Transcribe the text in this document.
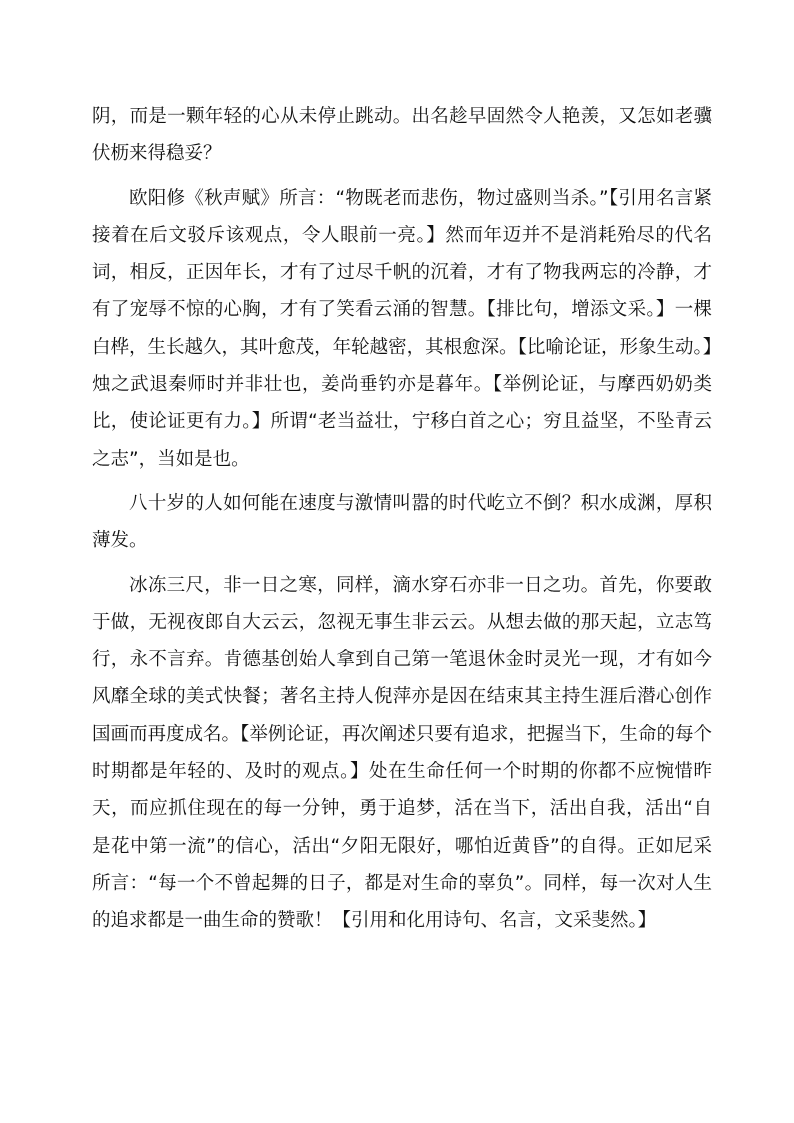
阴，而是一颗年轻的心从未停止跳动。出名趁早固然令人艳羡，又怎如老骥伏枥来得稳妥？

欧阳修《秋声赋》所言：“物既老而悲伤，物过盛则当杀。”【引用名言紧接着在后文驳斥该观点，令人眼前一亮。】然而年迈并不是消耗殆尽的代名词，相反，正因年长，才有了过尽千帆的沉着，才有了物我两忘的冷静，才有了宠辱不惊的心胸，才有了笑看云涌的智慧。【排比句，增添文采。】一棵白桦，生长越久，其叶愈茂，年轮越密，其根愈深。【比喻论证，形象生动。】烛之武退秦师时并非壮也，姜尚垂钓亦是暮年。【举例论证，与摩西奶奶类比，使论证更有力。】所谓“老当益壮，宁移白首之心；穷且益坚，不坠青云之志”，当如是也。

八十岁的人如何能在速度与激情叫嚣的时代屹立不倒？积水成渊，厚积薄发。

冰冻三尺，非一日之寒，同样，滴水穿石亦非一日之功。首先，你要敢于做，无视夜郎自大云云，忽视无事生非云云。从想去做的那天起，立志笃行，永不言弃。肯德基创始人拿到自己第一笔退休金时灵光一现，才有如今风靡全球的美式快餐；著名主持人倪萍亦是因在结束其主持生涯后潜心创作国画而再度成名。【举例论证，再次阐述只要有追求，把握当下，生命的每个时期都是年轻的、及时的观点。】处在生命任何一个时期的你都不应惋惜昨天，而应抓住现在的每一分钟，勇于追梦，活在当下，活出自我，活出“自是花中第一流”的信心，活出“夕阳无限好，哪怕近黄昏”的自得。正如尼采所言：“每一个不曾起舞的日子，都是对生命的辜负”。同样，每一次对人生的追求都是一曲生命的赞歌！【引用和化用诗句、名言，文采斐然。】
